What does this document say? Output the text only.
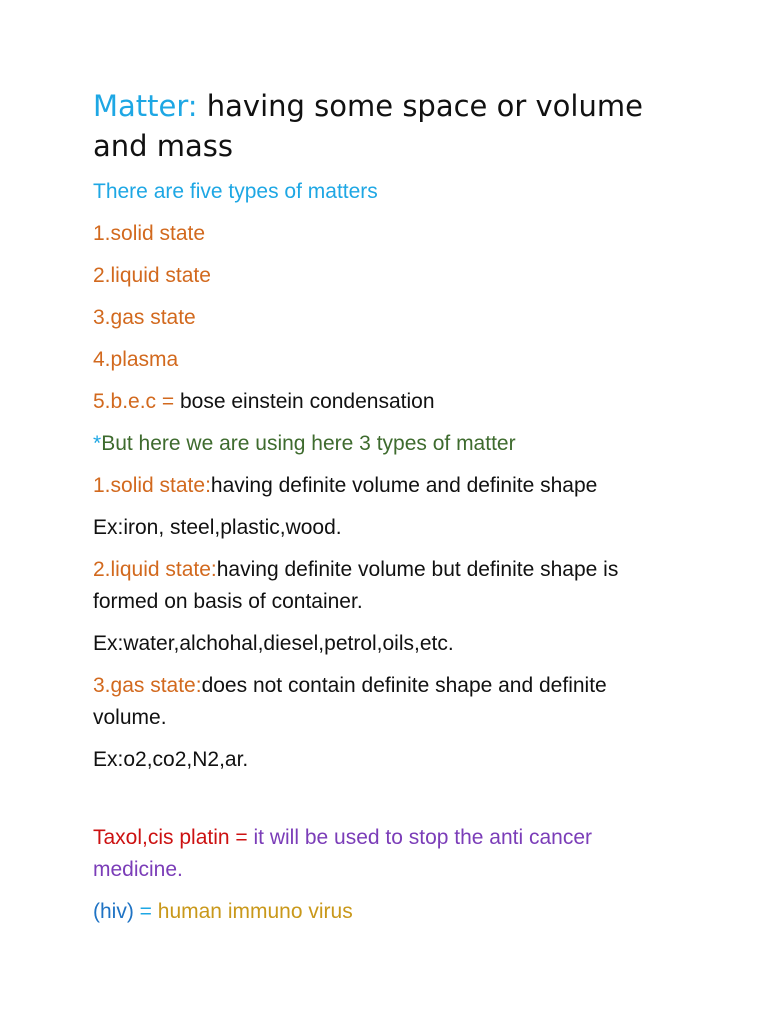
Matter: having some space or volume and mass

There are five types of matters

1.solid state

2.liquid state

3.gas state

4.plasma

5.b.e.c = bose einstein condensation

*But here we are using here 3 types of matter

1.solid state:having definite volume and definite shape

Ex:iron, steel,plastic,wood.

2.liquid state:having definite volume but definite shape is formed on basis of container.

Ex:water,alchohal,diesel,petrol,oils,etc.

3.gas state:does not contain definite shape and definite volume.

Ex:o2,co2,N2,ar.

Taxol,cis platin = it will be used to stop the anti cancer medicine.

(hiv) = human immuno virus
